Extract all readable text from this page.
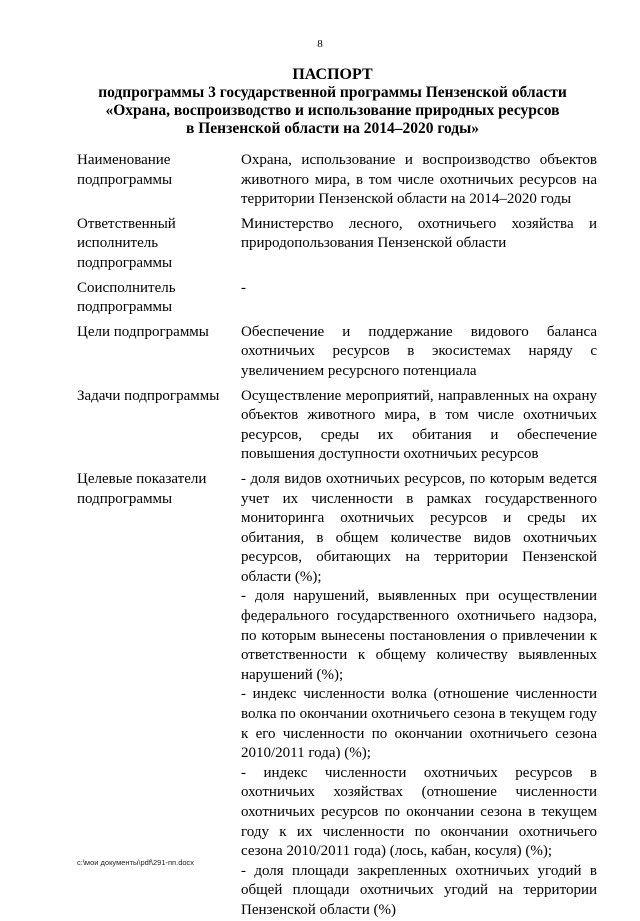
8
ПАСПОРТ
подпрограммы 3 государственной программы Пензенской области
«Охрана, воспроизводство и использование природных ресурсов
в Пензенской области на 2014–2020 годы»
Наименование подпрограммы	Охрана, использование и воспроизводство объектов животного мира, в том числе охотничьих ресурсов на территории Пензенской области на 2014–2020 годы
Ответственный исполнитель подпрограммы	Министерство лесного, охотничьего хозяйства и природопользования Пензенской области
Соисполнитель подпрограммы	-
Цели подпрограммы	Обеспечение и поддержание видового баланса охотничьих ресурсов в экосистемах наряду с увеличением ресурсного потенциала
Задачи подпрограммы	Осуществление мероприятий, направленных на охрану объектов животного мира, в том числе охотничьих ресурсов, среды их обитания и обеспечение повышения доступности охотничьих ресурсов
Целевые показатели подпрограммы	- доля видов охотничьих ресурсов, по которым ведется учет их численности в рамках государственного мониторинга охотничьих ресурсов и среды их обитания, в общем количестве видов охотничьих ресурсов, обитающих на территории Пензенской области (%);
- доля нарушений, выявленных при осуществлении федерального государственного охотничьего надзора, по которым вынесены постановления о привлечении к ответственности к общему количеству выявленных нарушений (%);
- индекс численности волка (отношение численности волка по окончании охотничьего сезона в текущем году к его численности по окончании охотничьего сезона 2010/2011 года) (%);
- индекс численности охотничьих ресурсов в охотничьих хозяйствах (отношение численности охотничьих ресурсов по окончании сезона в текущем году к их численности по окончании охотничьего сезона 2010/2011 года) (лось, кабан, косуля) (%);
- доля площади закрепленных охотничьих угодий в общей площади охотничьих угодий на территории Пензенской области (%)
c:\мои документы\pdf\291-пп.docx
